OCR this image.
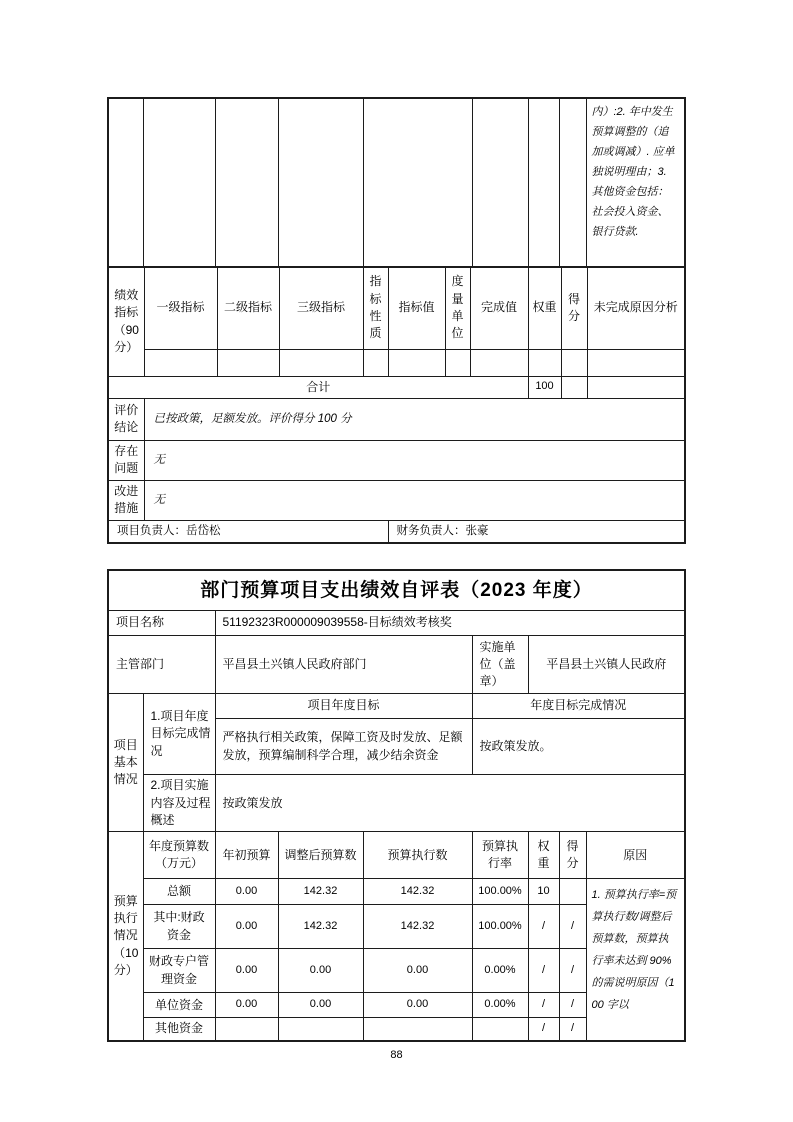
								内）:2. 年中发生预算调整的（追加或调减）. 应单独说明理由；3. 其他资金包括：社会投入资金、银行贷款.
绩效指标（90 分）	一级指标	二级指标	三级指标	指标性质	指标值	度量单位	完成值	权重	得分	未完成原因分析

合计								100		
评价结论	已按政策，足额发放。评价得分 100 分									
存在问题	无									
改进措施	无									
项目负责人：岳岱松					财务负责人：张豪					
部门预算项目支出绩效自评表（2023 年度）								
项目名称		51192323R000009039558-目标绩效考核奖						
主管部门		平昌县土兴镇人民政府部门			实施单位（盖章）	平昌县土兴镇人民政府		
项目基本情况	1.项目年度目标完成情况	项目年度目标			年度目标完成情况			
		严格执行相关政策，保障工资及时发放、足额发放，预算编制科学合理，减少结余资金			按政策发放。			
	2.项目实施内容及过程概述	按政策发放						
预算执行情况（10 分）	年度预算数（万元）	年初预算	调整后预算数	预算执行数	预算执行率	权重	得分	原因
	总额	0.00	142.32	142.32	100.00%	10		1. 预算执行率=预算执行数/调整后预算数，预算执行率未达到 90%的需说明原因（100 字以
	其中:财政资金	0.00	142.32	142.32	100.00%	/	/	
	财政专户管理资金	0.00	0.00	0.00	0.00%	/	/	
	单位资金	0.00	0.00	0.00	0.00%	/	/	
	其他资金					/	/	
88
